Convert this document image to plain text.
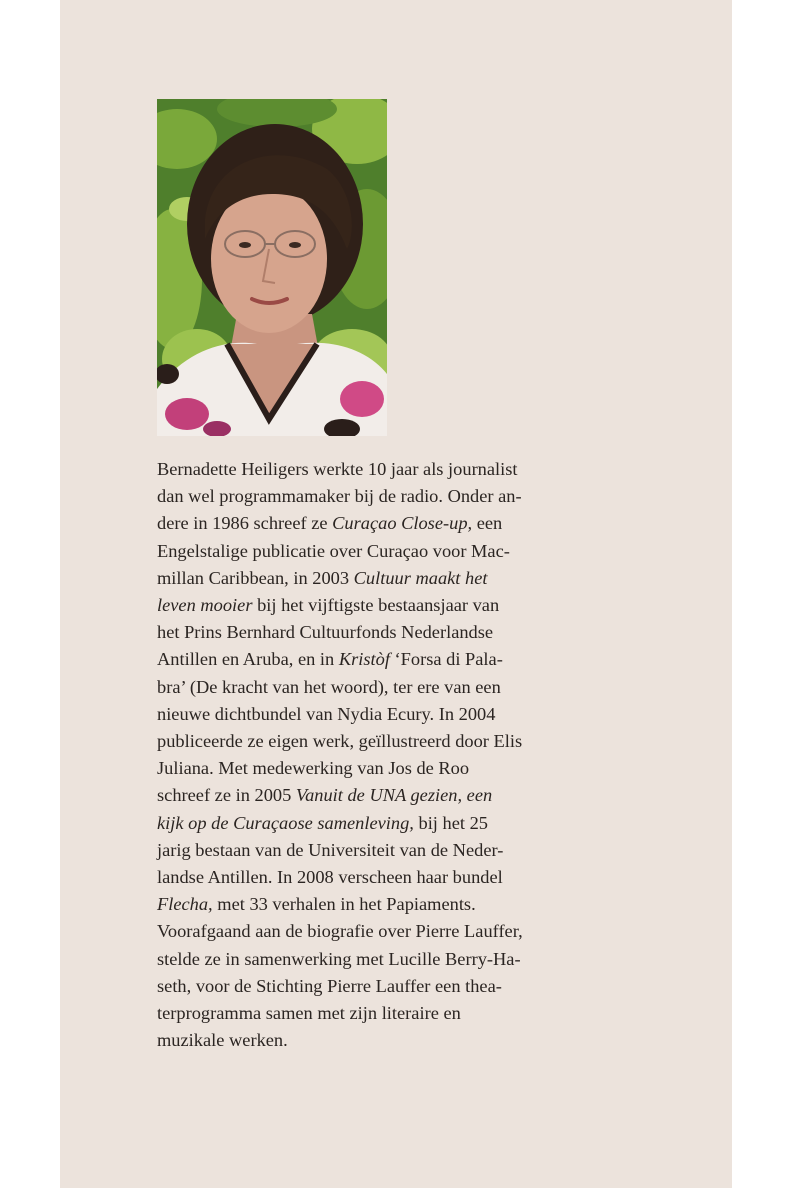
Bernadette Heiligers werkte 10 jaar als journalist
dan wel programmamaker bij de radio. Onder an-
dere in 1986 schreef ze Curaçao Close-up, een
Engelstalige publicatie over Curaçao voor Mac-
millan Caribbean, in 2003 Cultuur maakt het
leven mooier bij het vijftigste bestaansjaar van
het Prins Bernhard Cultuurfonds Nederlandse
Antillen en Aruba, en in Kristòf ‘Forsa di Pala-
bra’ (De kracht van het woord), ter ere van een
nieuwe dichtbundel van Nydia Ecury. In 2004
publiceerde ze eigen werk, geïllustreerd door Elis
Juliana. Met medewerking van Jos de Roo
schreef ze in 2005 Vanuit de UNA gezien, een
kijk op de Curaçaose samenleving, bij het 25
jarig bestaan van de Universiteit van de Neder-
landse Antillen. In 2008 verscheen haar bundel
Flecha, met 33 verhalen in het Papiaments.
Voorafgaand aan de biografie over Pierre Lauffer,
stelde ze in samenwerking met Lucille Berry-Ha-
seth, voor de Stichting Pierre Lauffer een thea-
terprogramma samen met zijn literaire en
muzikale werken.
